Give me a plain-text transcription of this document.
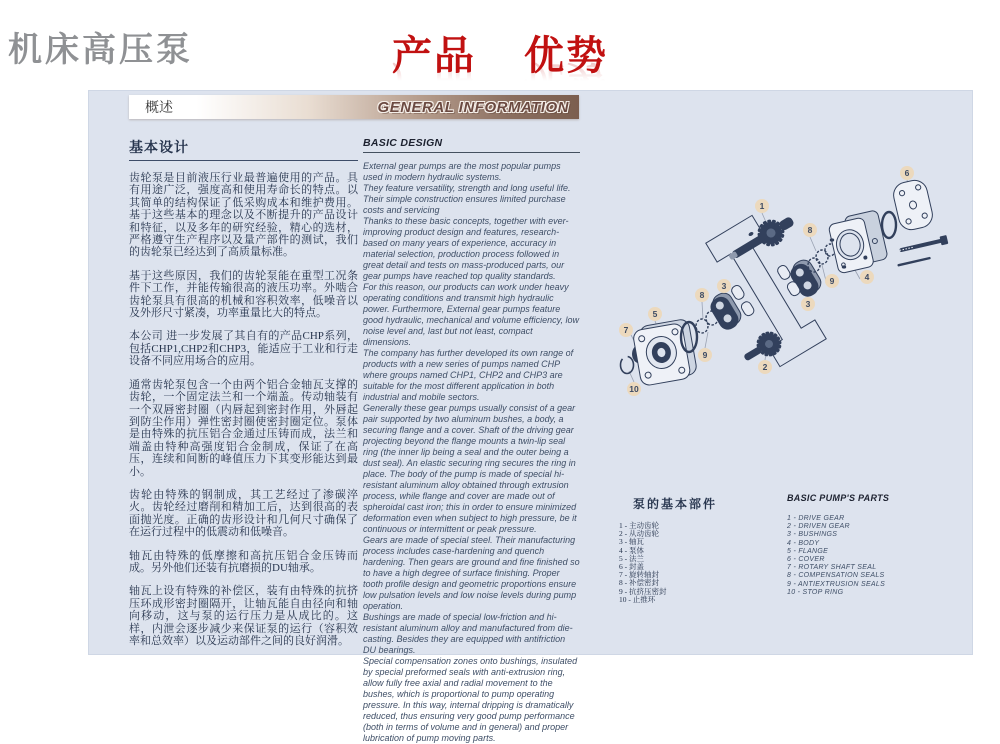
机床高压泵	产品    优势
概述	GENERAL INFORMATION
基本设计

齿轮泵是目前液压行业最普遍使用的产品。具有用途广泛，强度高和使用寿命长的特点。以其简单的结构保证了低采购成本和维护费用。基于这些基本的理念以及不断提升的产品设计和特征，以及多年的研究经验，精心的选材，严格遵守生产程序以及量产部件的测试，我们的齿轮泵已经达到了高质量标准。

基于这些原因，我们的齿轮泵能在重型工况条件下工作，并能传输很高的液压功率。外啮合齿轮泵具有很高的机械和容积效率，低噪音以及外形尺寸紧凑，功率重量比大的特点。

本公司 进一步发展了其自有的产品CHP系列，包括CHP1,CHP2和CHP3，能适应于工业和行走设备不同应用场合的应用。

通常齿轮泵包含一个由两个铝合金轴瓦支撑的齿轮，一个固定法兰和一个端盖。传动轴装有一个双唇密封圈（内唇起到密封作用，外唇起到防尘作用）弹性密封圈使密封圈定位。泵体是由特殊的抗压铝合金通过压铸而成，法兰和端盖由特种高强度铝合金制成，保证了在高压，连续和间断的峰值压力下其变形能达到最小。

齿轮由特殊的钢制成，其工艺经过了渗碳淬火。齿轮经过磨削和精加工后，达到很高的表面抛光度。正确的齿形设计和几何尺寸确保了在运行过程中的低震动和低噪音。

轴瓦由特殊的低摩擦和高抗压铝合金压铸而成。另外他们还装有抗磨损的DU轴承。

轴瓦上设有特殊的补偿区，装有由特殊的抗挤压环成形密封圈隔开，让轴瓦能自由径向和轴向移动，这与泵的运行压力是从成比的。这样，内泄会逐步减少来保证泵的运行（容积效率和总效率）以及运动部件之间的良好润滑。

BASIC DESIGN

External gear pumps are the most popular pumps used in modern hydraulic systems.

They feature versatility, strength and long useful life.

Their simple construction ensures limited purchase costs and servicing

Thanks to these basic concepts, together with ever-improving product design and features, research-based on many years of experience, accuracy in material selection, production process followed in great detail and tests on mass-produced parts, our gear pumps have reached top quality standards.

For this reason, our products can work under heavy operating conditions and transmit high hydraulic power. Furthermore, External gear pumps feature good hydraulic, mechanical and volume efficiency, low noise level and, last but not least, compact dimensions.

The company has further developed its own range of products with a new series of pumps named CHP where groups named CHP1, CHP2 and CHP3 are suitable for the most different application in both industrial and mobile sectors.

Generally these gear pumps usually consist of a gear pair supported by two aluminum bushes, a body, a securing flange and a cover. Shaft of the driving gear projecting beyond the flange mounts a twin-lip seal ring (the inner lip being a seal and the outer being a dust seal). An elastic securing ring secures the ring in place. The body of the pump is made of special hi-resistant aluminum alloy obtained through extrusion process, while flange and cover are made out of spheroidal cast iron; this in order to ensure minimized deformation even when subject to high pressure, be it continuous or intermittent or peak pressure.

Gears are made of special steel. Their manufacturing process includes case-hardening and quench hardening. Then gears are ground and fine finished so to have a high degree of surface finishing. Proper tooth profile design and geometric proportions ensure low pulsation levels and low noise levels during pump operation.

Bushings are made of special low-friction and hi-resistant aluminum alloy and manufactured from die-casting. Besides they are equipped with antifriction DU bearings.

Special compensation zones onto bushings, insulated by special preformed seals with anti-extrusion ring, allow fully free axial and radial movement to the bushes, which is proportional to pump operating pressure. In this way, internal dripping is dramatically reduced, thus ensuring very good pump performance (both in terms of volume and in general) and proper lubrication of pump moving parts.

1
2
3
3
4
5
6
7
8
8
9
9
10
泵的基本部件
1 - 主动齿轮
2 - 从动齿轮
3 - 轴瓦
4 - 泵体
5 - 法兰
6 - 封盖
7 - 旋转轴封
8 - 补偿密封
9 - 抗挤压密封
10 - 止推环
BASIC PUMP'S PARTS
1 - DRIVE GEAR
2 - DRIVEN GEAR
3 - BUSHINGS
4 - BODY
5 - FLANGE
6 - COVER
7 - ROTARY SHAFT SEAL
8 - COMPENSATION SEALS
9 - ANTIEXTRUSION SEALS
10 - STOP RING
